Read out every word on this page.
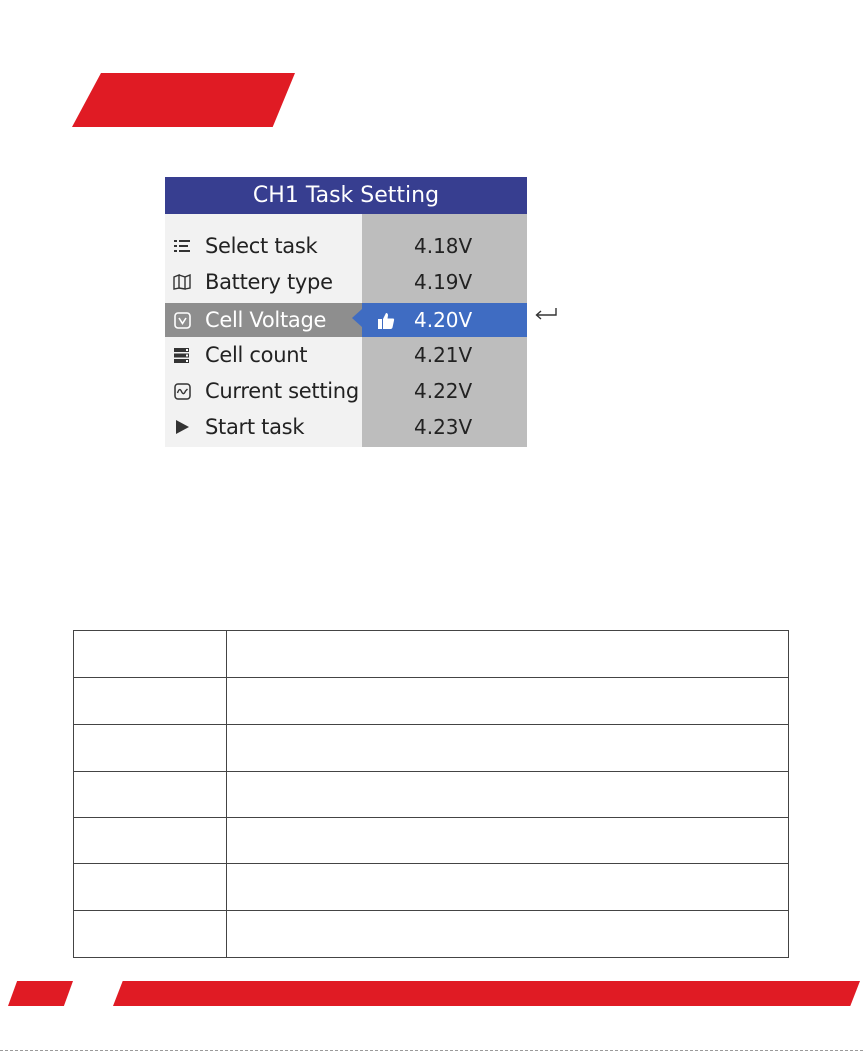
CH1 Task Setting
Select task
Battery type
Cell Voltage
Cell count
Current setting
Start task
4.18V
4.19V
4.20V
4.21V
4.22V
4.23V
